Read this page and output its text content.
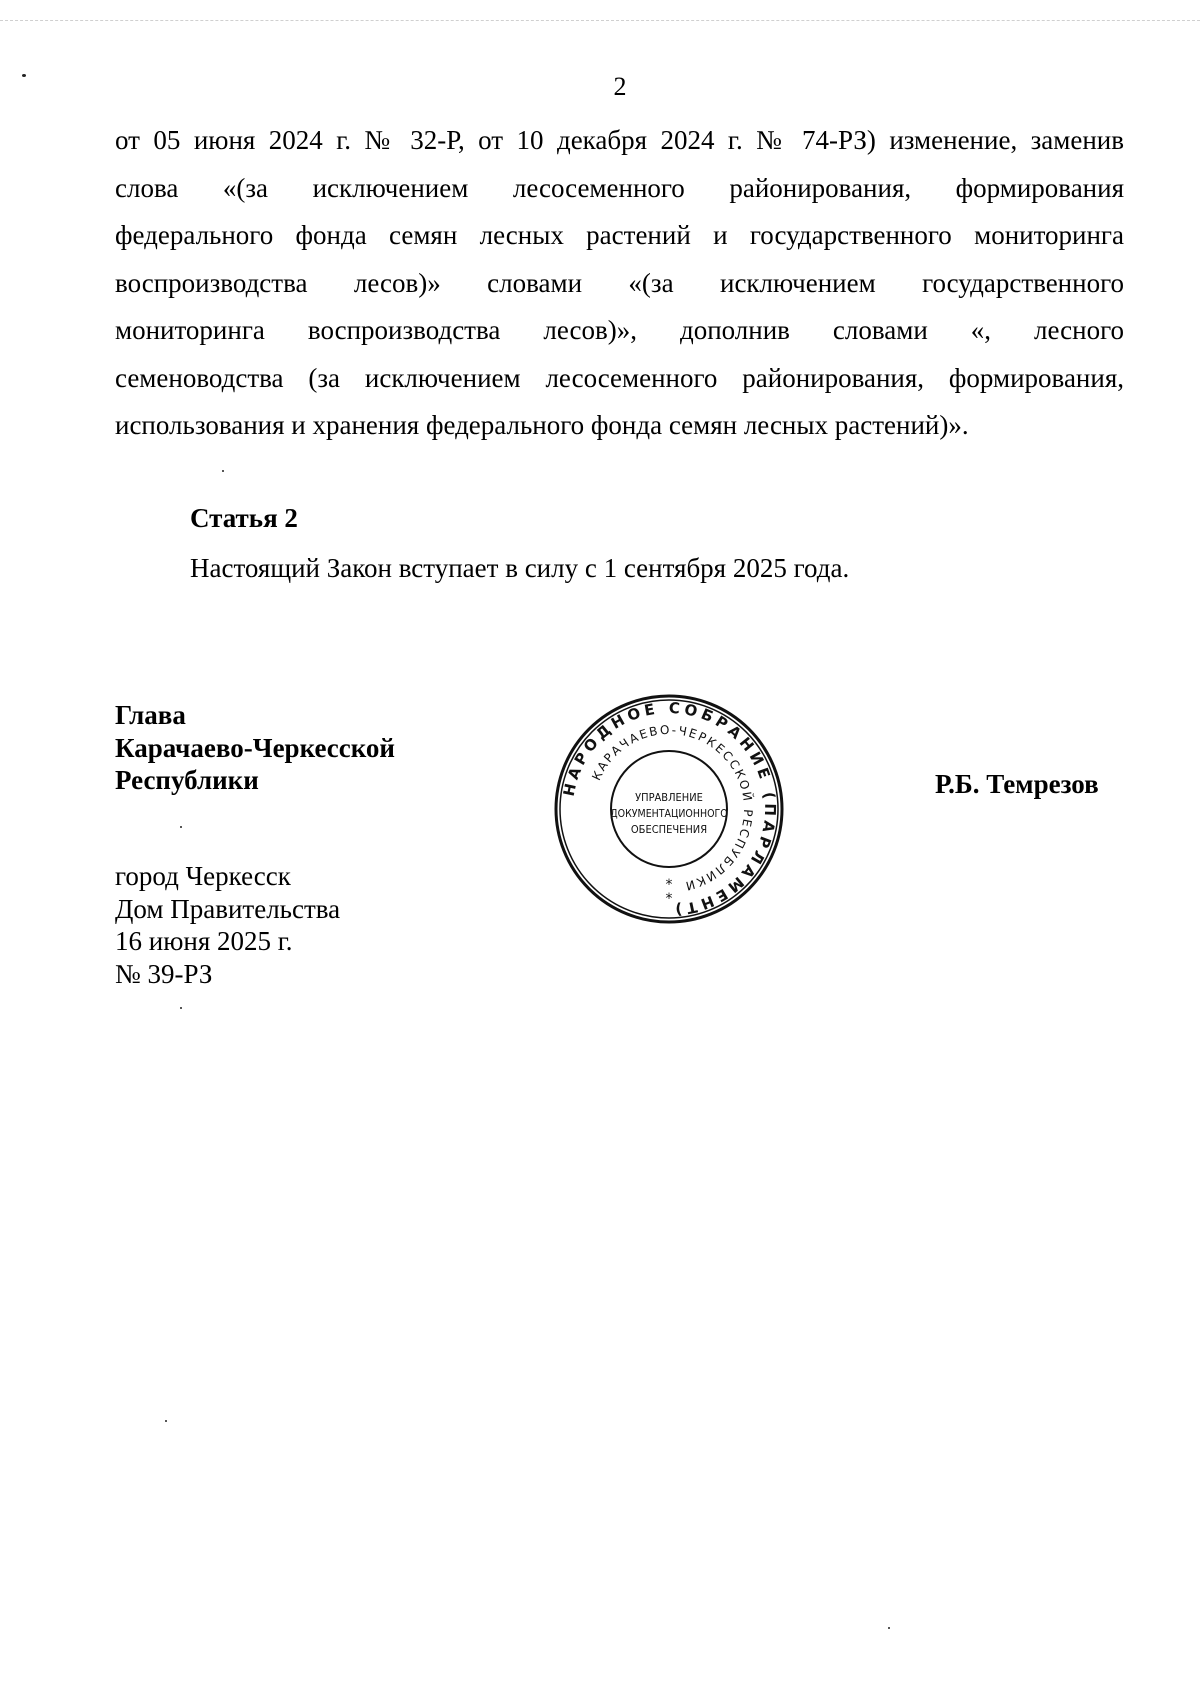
2
от 05 июня 2024 г. № 32-Р, от 10 декабря 2024 г. № 74-РЗ) изменение, заменив
слова «(за исключением лесосеменного районирования, формирования
федерального фонда семян лесных растений и государственного мониторинга
воспроизводства лесов)» словами «(за исключением государственного
мониторинга воспроизводства лесов)», дополнив словами «, лесного
семеноводства (за исключением лесосеменного районирования, формирования,
использования и хранения федерального фонда семян лесных растений)».
Статья 2
Настоящий Закон вступает в силу с 1 сентября 2025 года.
Глава
Карачаево-Черкесской
Республики	Р.Б. Темрезов
НАРОДНОЕ СОБРАНИЕ (ПАРЛАМЕНТ)
КАРАЧАЕВО-ЧЕРКЕССКОЙ РЕСПУБЛИКИ
УПРАВЛЕНИЕ
ДОКУМЕНТАЦИОННОГО
ОБЕСПЕЧЕНИЯ
*
*
город Черкесск
Дом Правительства
16 июня 2025 г.
№ 39-РЗ
